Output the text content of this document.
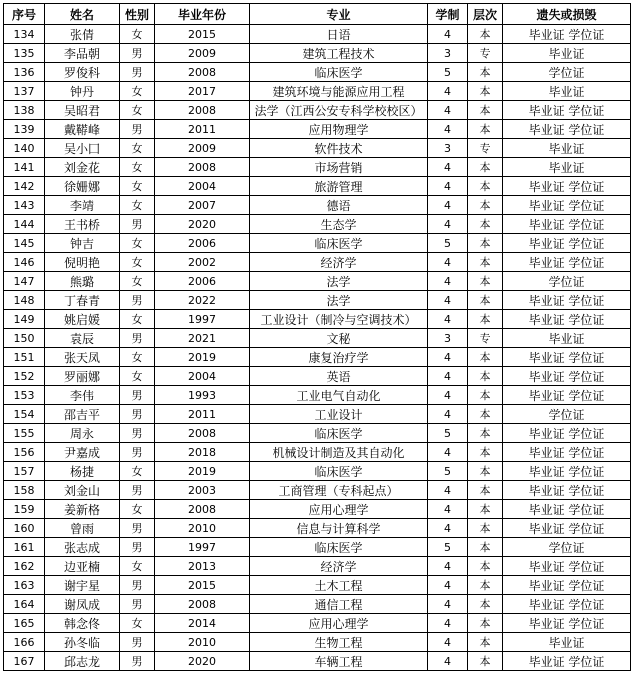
序号	姓名	性别	毕业年份	专业	学制	层次	遗失或损毁
134	张倩	女	2015	日语	4	本	毕业证 学位证
135	李品朝	男	2009	建筑工程技术	3	专	毕业证
136	罗俊科	男	2008	临床医学	5	本	学位证
137	钟丹	女	2017	建筑环境与能源应用工程	4	本	毕业证
138	吴昭君	女	2008	法学（江西公安专科学校校区）	4	本	毕业证 学位证
139	戴鞯峰	男	2011	应用物理学	4	本	毕业证 学位证
140	吴小囗	女	2009	软件技术	3	专	毕业证
141	刘金花	女	2008	市场营销	4	本	毕业证
142	徐姗娜	女	2004	旅游管理	4	本	毕业证 学位证
143	李靖	女	2007	德语	4	本	毕业证 学位证
144	王书桥	男	2020	生态学	4	本	毕业证 学位证
145	钟吉	女	2006	临床医学	5	本	毕业证 学位证
146	倪明艳	女	2002	经济学	4	本	毕业证 学位证
147	熊璐	女	2006	法学	4	本	学位证
148	丁春青	男	2022	法学	4	本	毕业证 学位证
149	姚启媛	女	1997	工业设计（制冷与空调技术）	4	本	毕业证 学位证
150	袁辰	男	2021	文秘	3	专	毕业证
151	张天凤	女	2019	康复治疗学	4	本	毕业证 学位证
152	罗丽娜	女	2004	英语	4	本	毕业证 学位证
153	李伟	男	1993	工业电气自动化	4	本	毕业证 学位证
154	邵吉平	男	2011	工业设计	4	本	学位证
155	周永	男	2008	临床医学	5	本	毕业证 学位证
156	尹嘉成	男	2018	机械设计制造及其自动化	4	本	毕业证 学位证
157	杨捷	女	2019	临床医学	5	本	毕业证 学位证
158	刘金山	男	2003	工商管理（专科起点）	4	本	毕业证 学位证
159	姜新格	女	2008	应用心理学	4	本	毕业证 学位证
160	曾雨	男	2010	信息与计算科学	4	本	毕业证 学位证
161	张志成	男	1997	临床医学	5	本	学位证
162	边亚楠	女	2013	经济学	4	本	毕业证 学位证
163	谢宇星	男	2015	土木工程	4	本	毕业证 学位证
164	谢凤成	男	2008	通信工程	4	本	毕业证 学位证
165	韩念佟	女	2014	应用心理学	4	本	毕业证 学位证
166	孙冬临	男	2010	生物工程	4	本	毕业证
167	邱志龙	男	2020	车辆工程	4	本	毕业证 学位证
